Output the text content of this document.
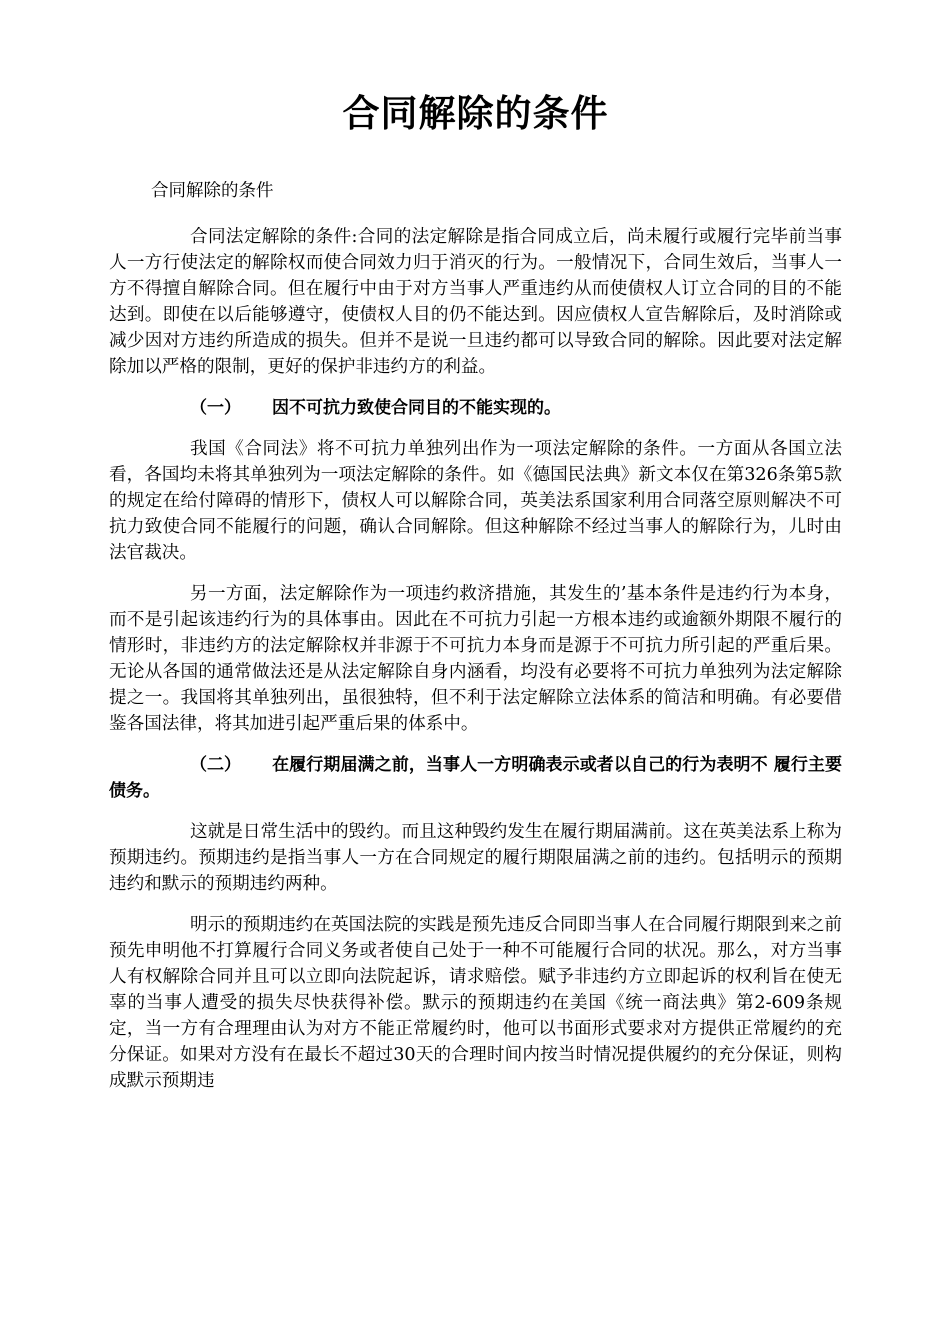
合同解除的条件
合同解除的条件

合同法定解除的条件:合同的法定解除是指合同成立后，尚未履行或履行完毕前当事人一方行使法定的解除权而使合同效力归于消灭的行为。一般情况下，合同生效后，当事人一方不得擅自解除合同。但在履行中由于对方当事人严重违约从而使债权人订立合同的目的不能达到。即使在以后能够遵守，使债权人目的仍不能达到。因应债权人宣告解除后，及时消除或减少因对方违约所造成的损失。但并不是说一旦违约都可以导致合同的解除。因此要对法定解除加以严格的限制，更好的保护非违约方的利益。

（一） 因不可抗力致使合同目的不能实现的。

我国《合同法》将不可抗力单独列出作为一项法定解除的条件。一方面从各国立法看，各国均未将其单独列为一项法定解除的条件。如《德国民法典》新文本仅在第326条第5款的规定在给付障碍的情形下，债权人可以解除合同，英美法系国家利用合同落空原则解决不可抗力致使合同不能履行的问题，确认合同解除。但这种解除不经过当事人的解除行为，儿时由法官裁决。

另一方面，法定解除作为一项违约救济措施，其发生的’基本条件是违约行为本身，而不是引起该违约行为的具体事由。因此在不可抗力引起一方根本违约或逾额外期限不履行的情形时，非违约方的法定解除权并非源于不可抗力本身而是源于不可抗力所引起的严重后果。无论从各国的通常做法还是从法定解除自身内涵看，均没有必要将不可抗力单独列为法定解除提之一。我国将其单独列出，虽很独特，但不利于法定解除立法体系的简洁和明确。有必要借鉴各国法律，将其加进引起严重后果的体系中。

（二） 在履行期届满之前，当事人一方明确表示或者以自己的行为表明不 履行主要债务。

这就是日常生活中的毁约。而且这种毁约发生在履行期届满前。这在英美法系上称为预期违约。预期违约是指当事人一方在合同规定的履行期限届满之前的违约。包括明示的预期违约和默示的预期违约两种。

明示的预期违约在英国法院的实践是预先违反合同即当事人在合同履行期限到来之前预先申明他不打算履行合同义务或者使自己处于一种不可能履行合同的状况。那么，对方当事人有权解除合同并且可以立即向法院起诉，请求赔偿。赋予非违约方立即起诉的权利旨在使无辜的当事人遭受的损失尽快获得补偿。默示的预期违约在美国《统一商法典》第2-609条规定，当一方有合理理由认为对方不能正常履约时，他可以书面形式要求对方提供正常履约的充分保证。如果对方没有在最长不超过30天的合理时间内按当时情况提供履约的充分保证，则构成默示预期违
